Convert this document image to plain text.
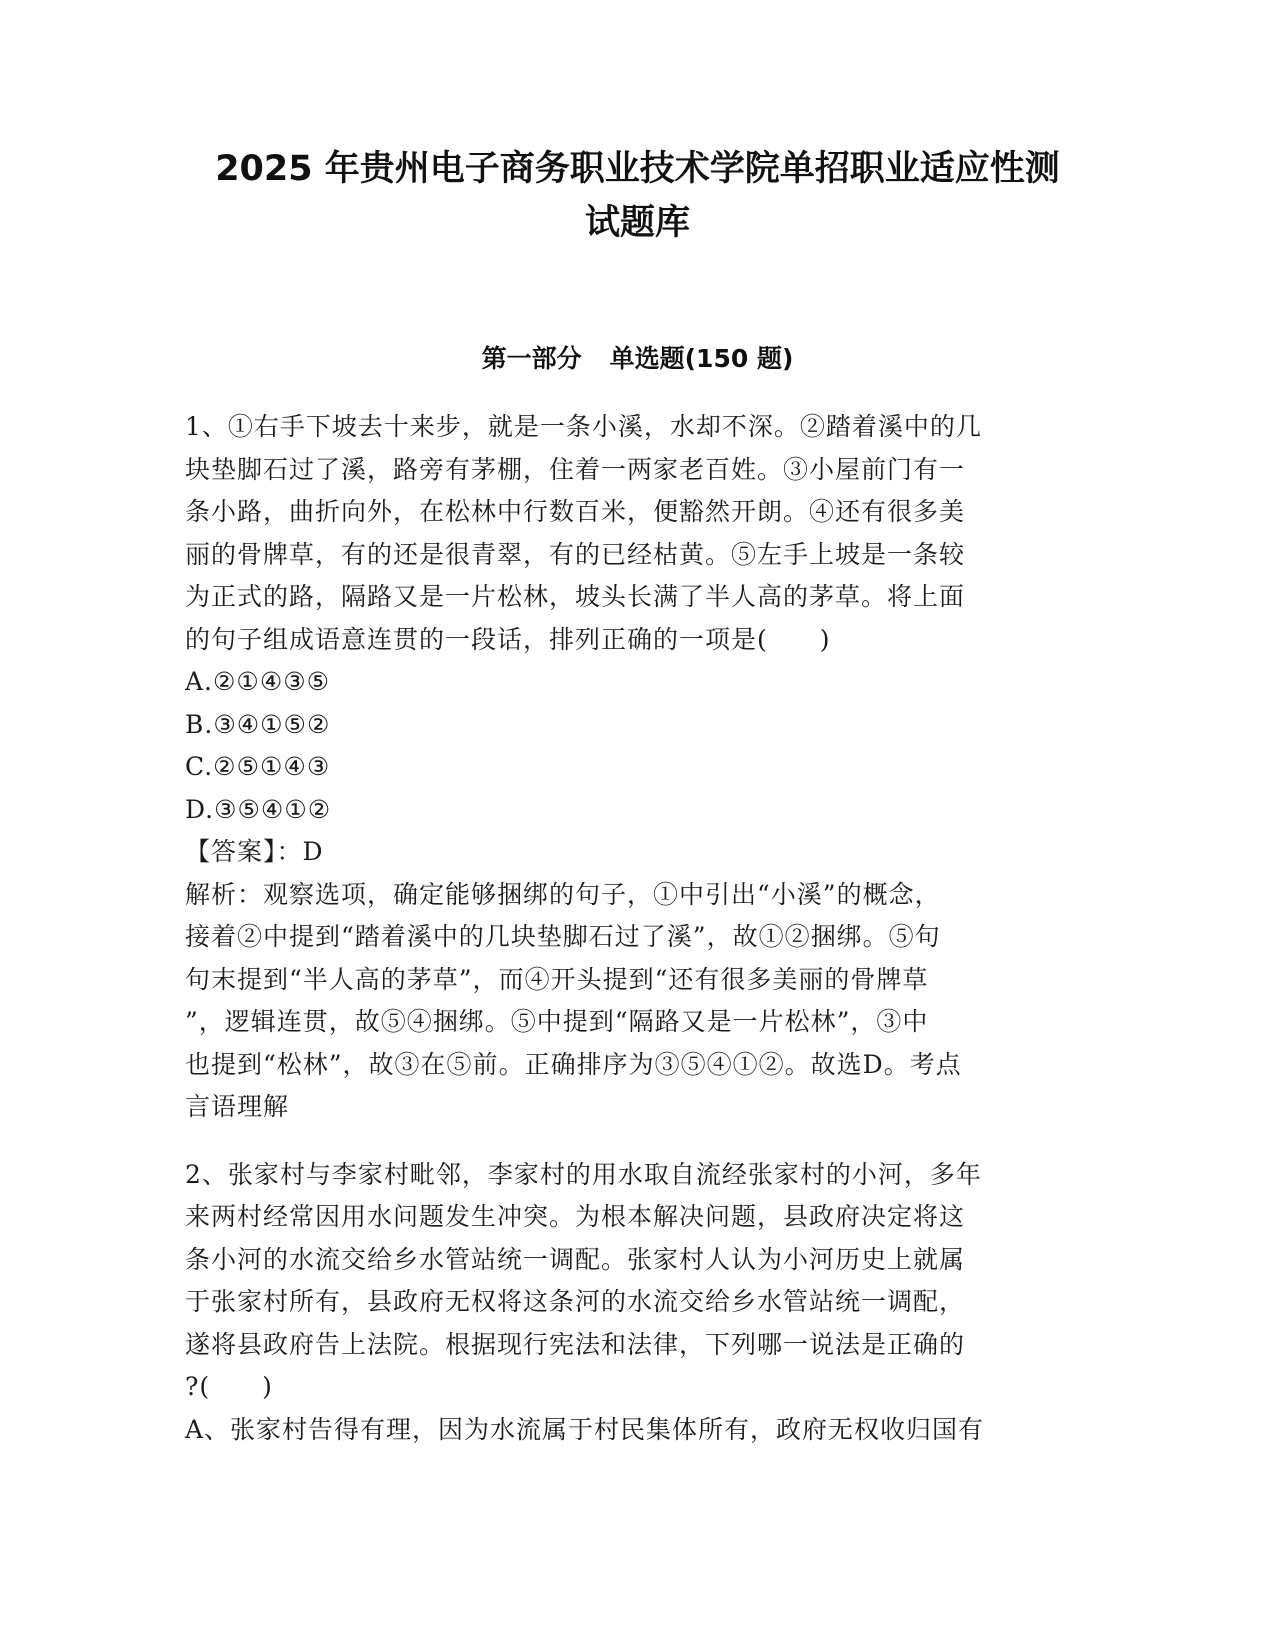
2025 年贵州电子商务职业技术学院单招职业适应性测
试题库
第一部分 单选题(150 题)
1、①右手下坡去十来步，就是一条小溪，水却不深。②踏着溪中的几
块垫脚石过了溪，路旁有茅棚，住着一两家老百姓。③小屋前门有一
条小路，曲折向外，在松林中行数百米，便豁然开朗。④还有很多美
丽的骨牌草，有的还是很青翠，有的已经枯黄。⑤左手上坡是一条较
为正式的路，隔路又是一片松林，坡头长满了半人高的茅草。将上面
的句子组成语意连贯的一段话，排列正确的一项是(　　)
A.②①④③⑤
B.③④①⑤②
C.②⑤①④③
D.③⑤④①②
【答案】：D
解析：观察选项，确定能够捆绑的句子，①中引出“小溪”的概念，
接着②中提到“踏着溪中的几块垫脚石过了溪”，故①②捆绑。⑤句
句末提到“半人高的茅草”，而④开头提到“还有很多美丽的骨牌草
”，逻辑连贯，故⑤④捆绑。⑤中提到“隔路又是一片松林”，③中
也提到“松林”，故③在⑤前。正确排序为③⑤④①②。故选D。考点
言语理解
2、张家村与李家村毗邻，李家村的用水取自流经张家村的小河，多年
来两村经常因用水问题发生冲突。为根本解决问题，县政府决定将这
条小河的水流交给乡水管站统一调配。张家村人认为小河历史上就属
于张家村所有，县政府无权将这条河的水流交给乡水管站统一调配，
遂将县政府告上法院。根据现行宪法和法律，下列哪一说法是正确的
?(　　)
A、张家村告得有理，因为水流属于村民集体所有，政府无权收归国有
